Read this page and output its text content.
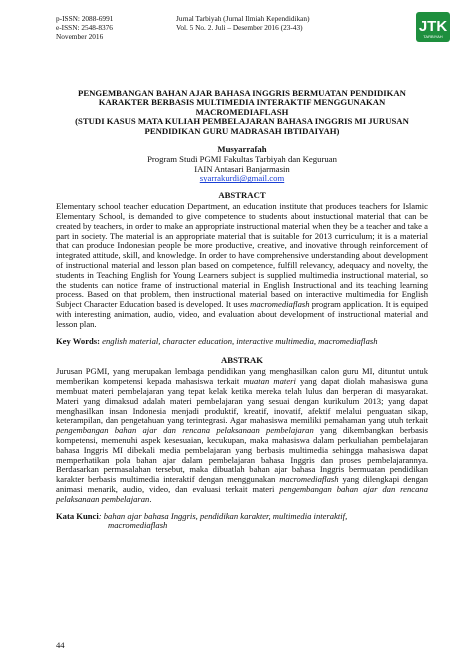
p-ISSN: 2088-6991
e-ISSN: 2548-8376
November 2016
Jurnal Tarbiyah (Jurnal Ilmiah Kependidikan)
Vol. 5 No. 2. Juli – Desember 2016 (23-43)	JTK
TARBIYAH
PENGEMBANGAN BAHAN AJAR BAHASA INGGRIS BERMUATAN PENDIDIKAN
KARAKTER BERBASIS MULTIMEDIA INTERAKTIF MENGGUNAKAN
MACROMEDIAFLASH
(STUDI KASUS MATA KULIAH PEMBELAJARAN BAHASA INGGRIS MI JURUSAN
PENDIDIKAN GURU MADRASAH IBTIDAIYAH)
Musyarrafah
Program Studi PGMI Fakultas Tarbiyah dan Keguruan
IAIN Antasari Banjarmasin
syarrakurdi@gmail.com
ABSTRACT

Elementary school teacher education Department, an education institute that produces teachers for Islamic Elementary School, is demanded to give competence to students about instuctional material that can be created by teachers, in order to make an appropriate instructional material when they be a teacher and take a part in society. The material is an appropriate material that is suitable for 2013 curriculum; it is a material that can produce Indonesian people be more productive, creative, and inovative through reinforcement of integrated attitude, skill, and knowledge. In order to have comprehensive understanding about development of instructional material and lesson plan based on competence, fulfill relevancy, adequacy and novelty, the students in Teaching English for Young Learners subject is supplied multimedia instructional material, so the students can notice frame of instructional material in English Instructional and its teaching learning process. Based on that problem, then instructional material based on interactive multimedia for English Subject Character Education based is developed. It uses macromediaflash program application. It is equiped with interesting animation, audio, video, and evaluation about development of instructional material and lesson plan.

Key Words: english material, character education, interactive multimedia, macromediaflash
ABSTRAK

Jurusan PGMI, yang merupakan lembaga pendidikan yang menghasilkan calon guru MI, dituntut untuk memberikan kompetensi kepada mahasiswa terkait muatan materi yang dapat diolah mahasiswa guna membuat materi pembelajaran yang tepat kelak ketika mereka telah lulus dan berperan di masyarakat. Materi yang dimaksud adalah materi pembelajaran yang sesuai dengan kurikulum 2013; yang dapat menghasilkan insan Indonesia menjadi produktif, kreatif, inovatif, afektif melalui penguatan sikap, keterampilan, dan pengetahuan yang terintegrasi. Agar mahasiswa memiliki pemahaman yang utuh terkait pengembangan bahan ajar dan rencana pelaksanaan pembelajaran yang dikembangkan berbasis kompetensi, memenuhi aspek kesesuaian, kecukupan, maka mahasiswa dalam perkuliahan pembelajaran bahasa Inggris MI dibekali media pembelajaran yang berbasis multimedia sehingga mahasiswa dapat memperhatikan pola bahan ajar dalam pembelajaran bahasa Inggris dan proses pembelajarannya. Berdasarkan permasalahan tersebut, maka dibuatlah bahan ajar bahasa Inggris bermuatan pendidikan karakter berbasis multimedia interaktif dengan menggunakan macromediaflash yang dilengkapi dengan animasi menarik, audio, video, dan evaluasi terkait materi pengembangan bahan ajar dan rencana pelaksanaan pembelajaran.

Kata Kunci: bahan ajar bahasa Inggris, pendidikan karakter, multimedia interaktif,
macromediaflash
44
